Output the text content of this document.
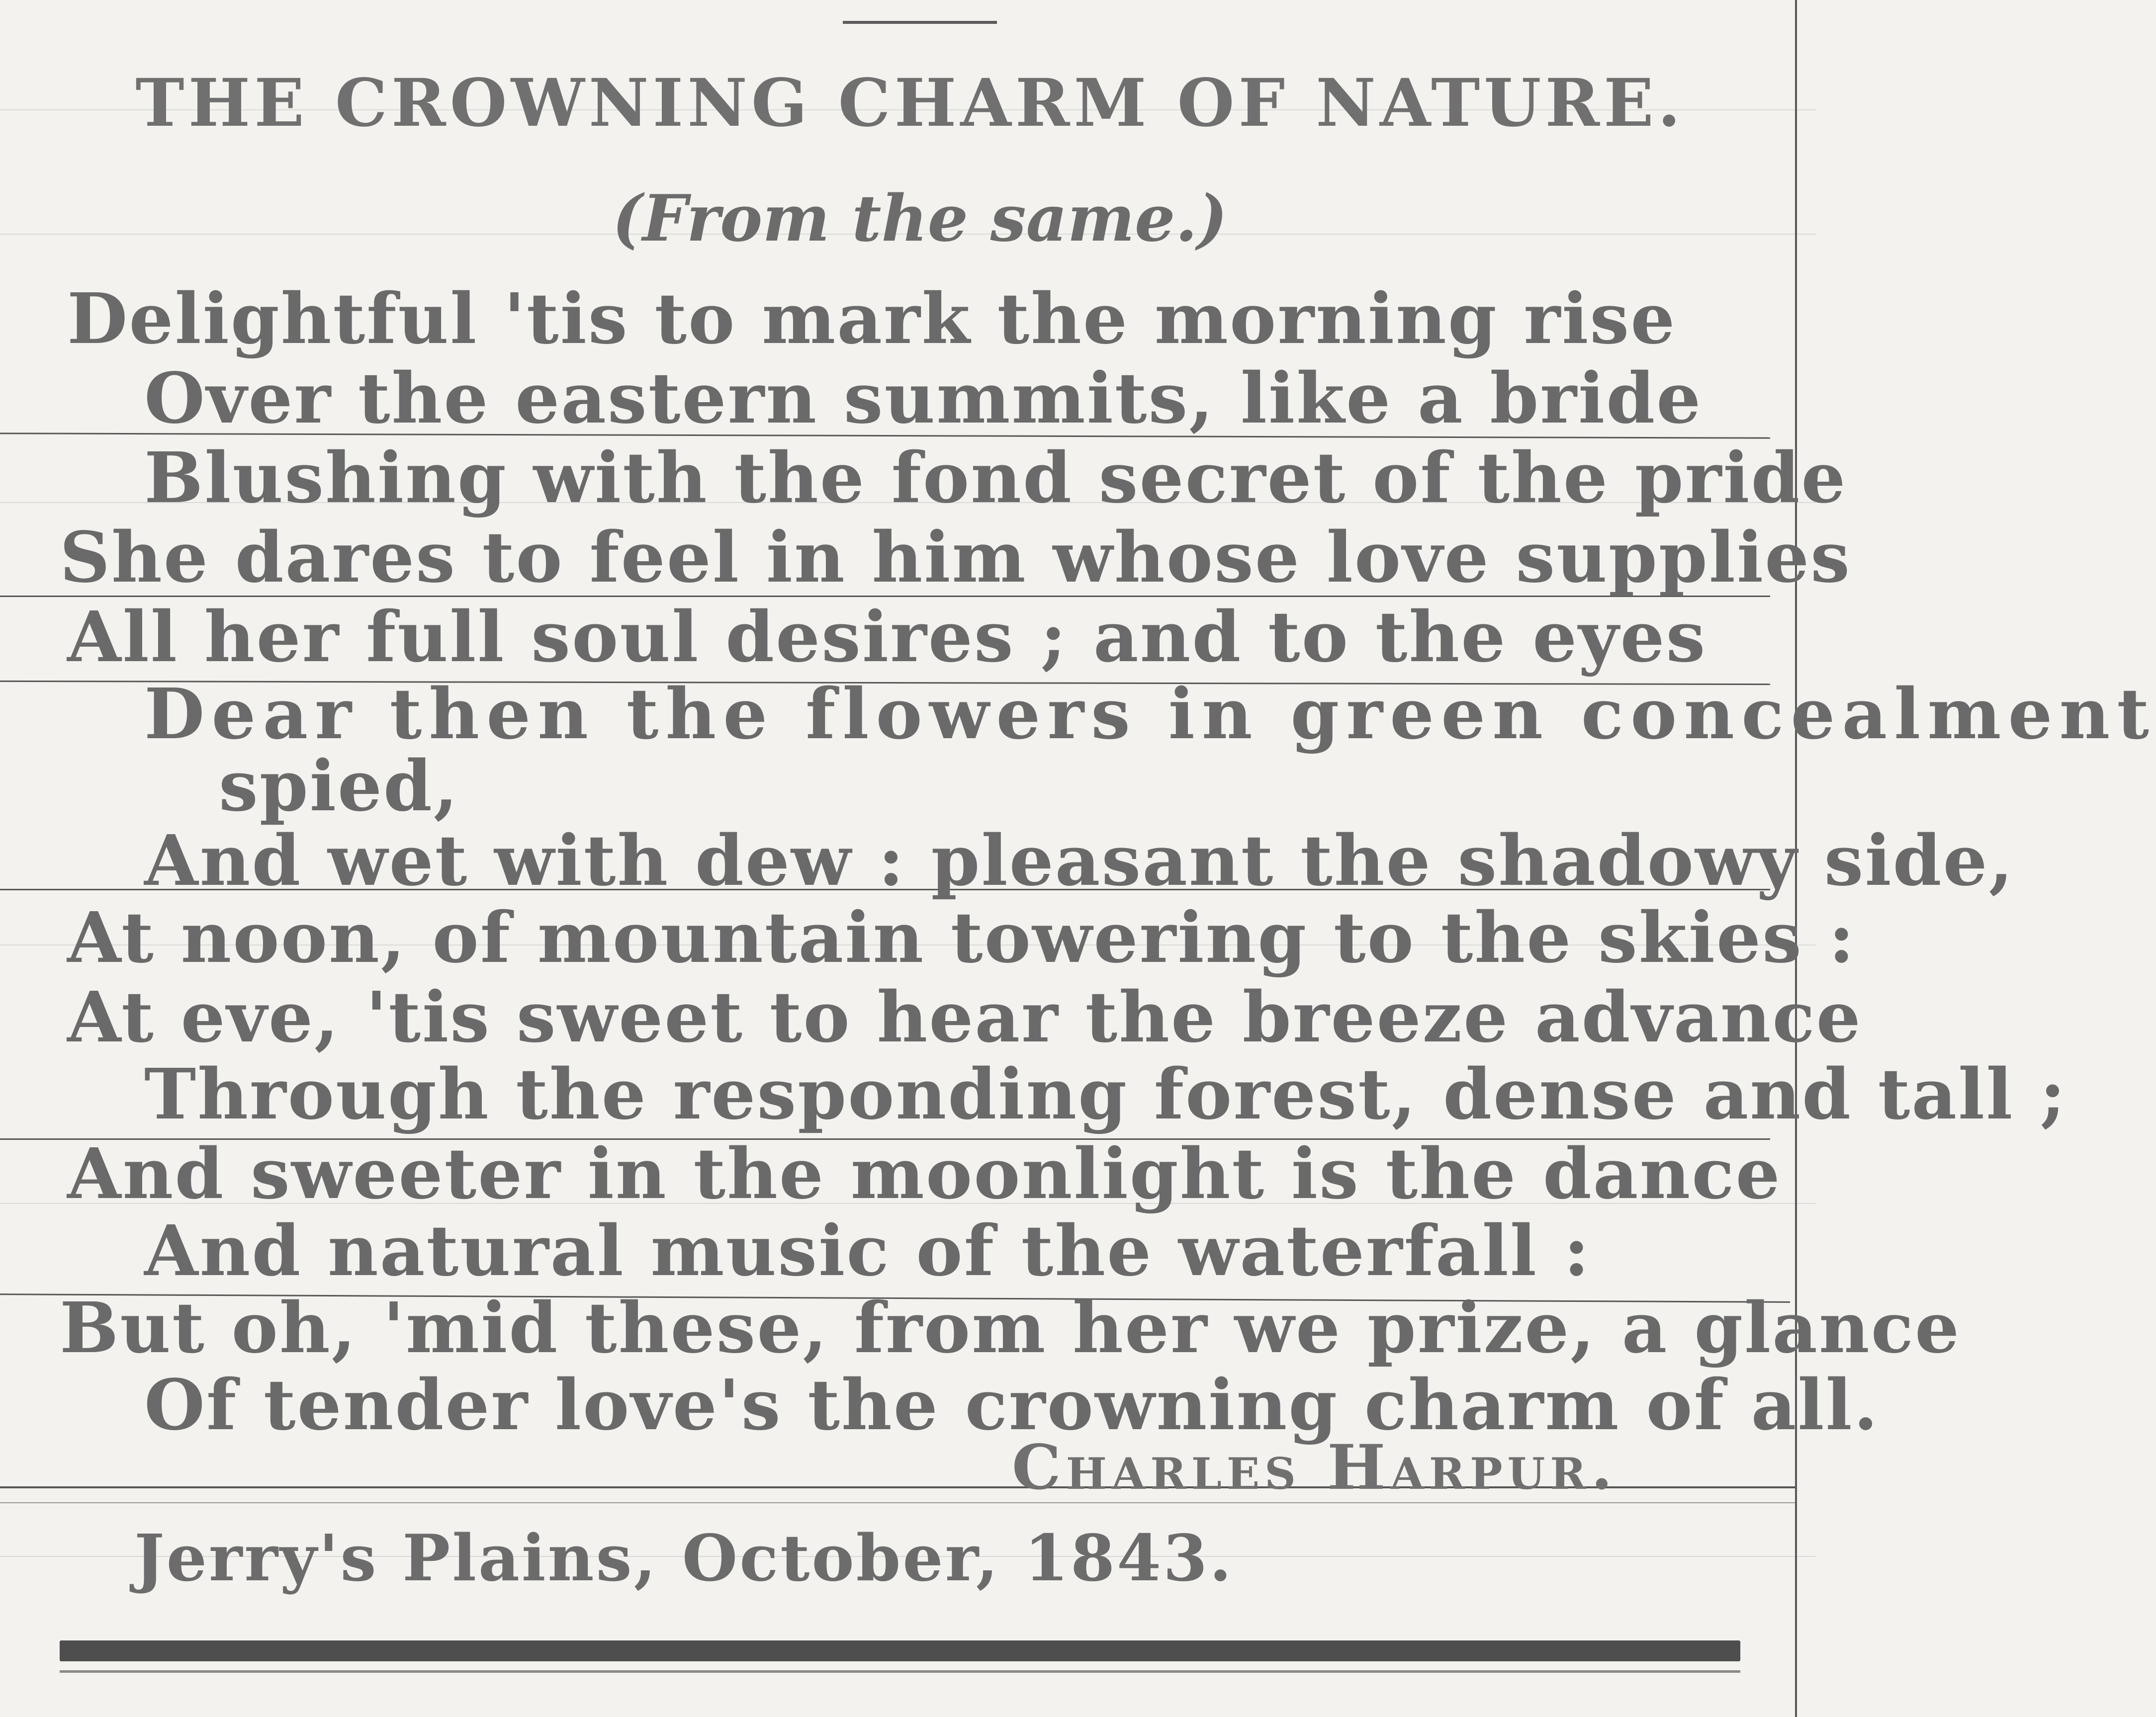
THE CROWNING CHARM OF NATURE.
(From the same.)
Delightful 'tis to mark the morning rise
Over the eastern summits, like a bride
Blushing with the fond secret of the pride
She dares to feel in him whose love supplies
All her full soul desires ; and to the eyes
Dear then the flowers in green concealment
spied,
And wet with dew : pleasant the shadowy side,
At noon, of mountain towering to the skies :
At eve, 'tis sweet to hear the breeze advance
Through the responding forest, dense and tall ;
And sweeter in the moonlight is the dance
And natural music of the waterfall :
But oh, 'mid these, from her we prize, a glance
Of tender love's the crowning charm of all.
Charles Harpur.
Jerry's Plains, October, 1843.
